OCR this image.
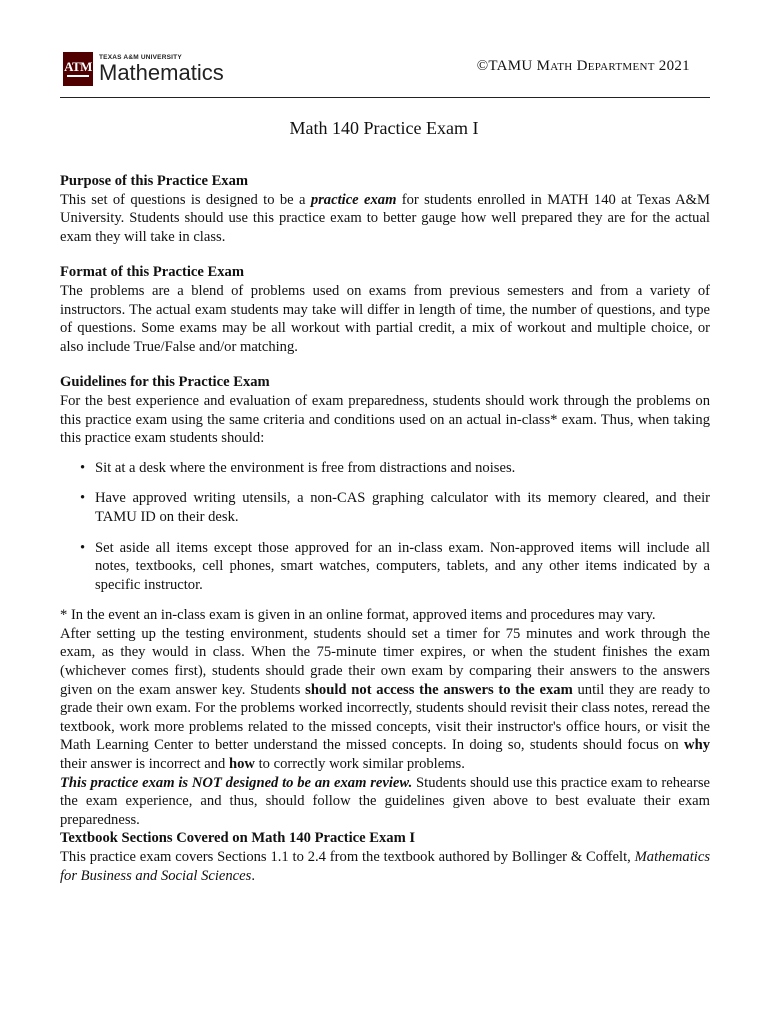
ATM
TEXAS A&M UNIVERSITY
Mathematics	©TAMU Math Department 2021
Math 140 Practice Exam I
Purpose of this Practice Exam

This set of questions is designed to be a practice exam for students enrolled in MATH 140 at Texas A&M University. Students should use this practice exam to better gauge how well prepared they are for the actual exam they will take in class.

Format of this Practice Exam

The problems are a blend of problems used on exams from previous semesters and from a variety of instructors. The actual exam students may take will differ in length of time, the number of questions, and type of questions. Some exams may be all workout with partial credit, a mix of workout and multiple choice, or also include True/False and/or matching.

Guidelines for this Practice Exam

For the best experience and evaluation of exam preparedness, students should work through the problems on this practice exam using the same criteria and conditions used on an actual in-class* exam. Thus, when taking this practice exam students should:

• Sit at a desk where the environment is free from distractions and noises.
• Have approved writing utensils, a non-CAS graphing calculator with its memory cleared, and their TAMU ID on their desk.
• Set aside all items except those approved for an in-class exam. Non-approved items will include all notes, textbooks, cell phones, smart watches, computers, tablets, and any other items indicated by a specific instructor.

* In the event an in-class exam is given in an online format, approved items and procedures may vary.

After setting up the testing environment, students should set a timer for 75 minutes and work through the exam, as they would in class. When the 75-minute timer expires, or when the student finishes the exam (whichever comes first), students should grade their own exam by comparing their answers to the answers given on the exam answer key. Students should not access the answers to the exam until they are ready to grade their own exam. For the problems worked incorrectly, students should revisit their class notes, reread the textbook, work more problems related to the missed concepts, visit their instructor's office hours, or visit the Math Learning Center to better understand the missed concepts. In doing so, students should focus on why their answer is incorrect and how to correctly work similar problems.

This practice exam is NOT designed to be an exam review. Students should use this practice exam to rehearse the exam experience, and thus, should follow the guidelines given above to best evaluate their exam preparedness.

Textbook Sections Covered on Math 140 Practice Exam I

This practice exam covers Sections 1.1 to 2.4 from the textbook authored by Bollinger & Coffelt, Mathematics for Business and Social Sciences.
